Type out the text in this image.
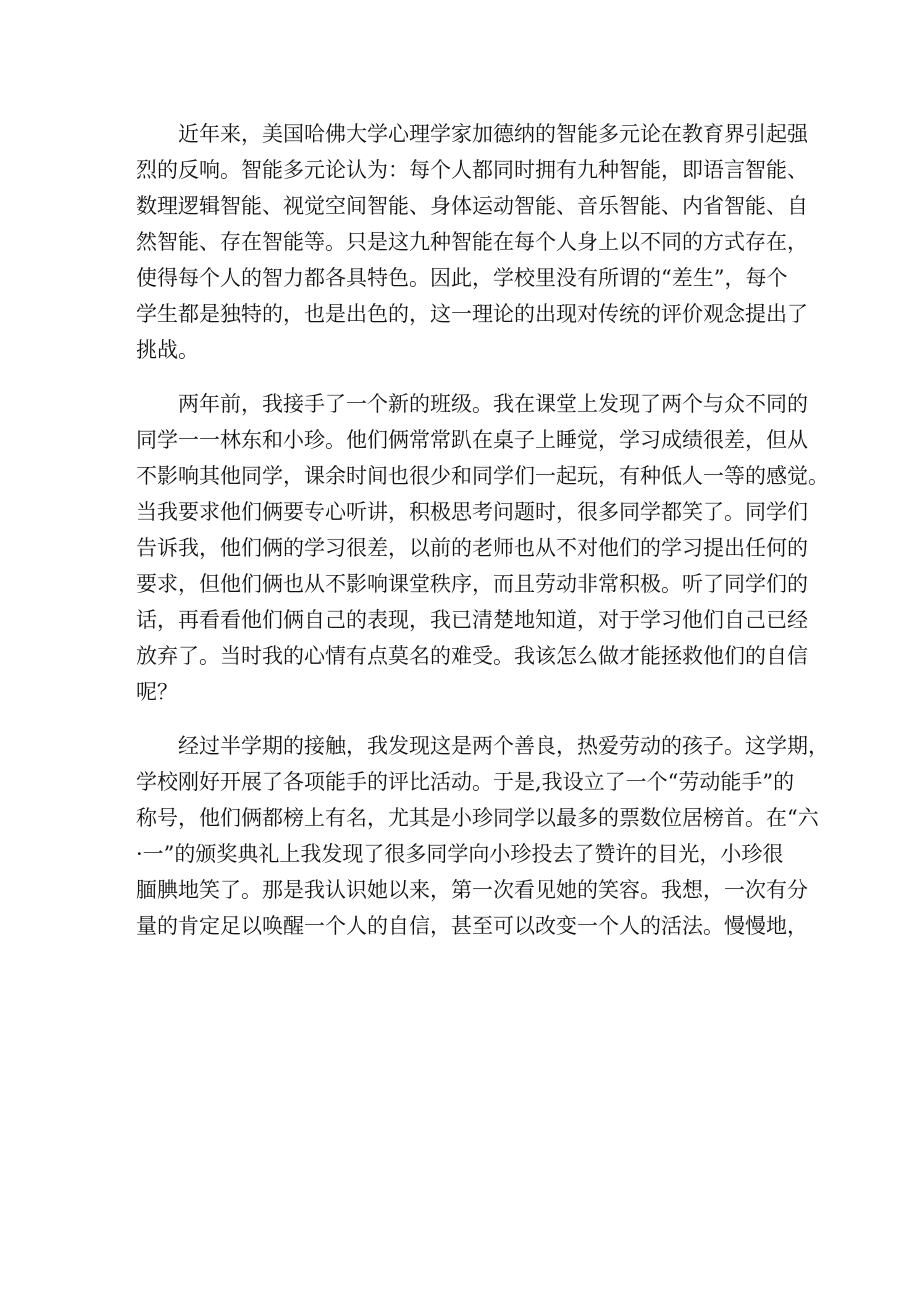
　　近年来，美国哈佛大学心理学家加德纳的智能多元论在教育界引起强
烈的反响。智能多元论认为：每个人都同时拥有九种智能，即语言智能、
数理逻辑智能、视觉空间智能、身体运动智能、音乐智能、内省智能、自
然智能、存在智能等。只是这九种智能在每个人身上以不同的方式存在，
使得每个人的智力都各具特色。因此，学校里没有所谓的“差生”，每个
学生都是独特的，也是出色的，这一理论的出现对传统的评价观念提出了
挑战。
　　两年前，我接手了一个新的班级。我在课堂上发现了两个与众不同的
同学一一林东和小珍。他们俩常常趴在桌子上睡觉，学习成绩很差，但从
不影响其他同学，课余时间也很少和同学们一起玩，有种低人一等的感觉。
当我要求他们俩要专心听讲，积极思考问题时，很多同学都笑了。同学们
告诉我，他们俩的学习很差，以前的老师也从不对他们的学习提出任何的
要求，但他们俩也从不影响课堂秩序，而且劳动非常积极。听了同学们的
话，再看看他们俩自己的表现，我已清楚地知道，对于学习他们自己已经
放弃了。当时我的心情有点莫名的难受。我该怎么做才能拯救他们的自信
呢？
　　经过半学期的接触，我发现这是两个善良，热爱劳动的孩子。这学期，
学校刚好开展了各项能手的评比活动。于是,我设立了一个“劳动能手”的
称号，他们俩都榜上有名，尤其是小珍同学以最多的票数位居榜首。在“六
·一”的颁奖典礼上我发现了很多同学向小珍投去了赞许的目光，小珍很
腼腆地笑了。那是我认识她以来，第一次看见她的笑容。我想，一次有分
量的肯定足以唤醒一个人的自信，甚至可以改变一个人的活法。慢慢地，
